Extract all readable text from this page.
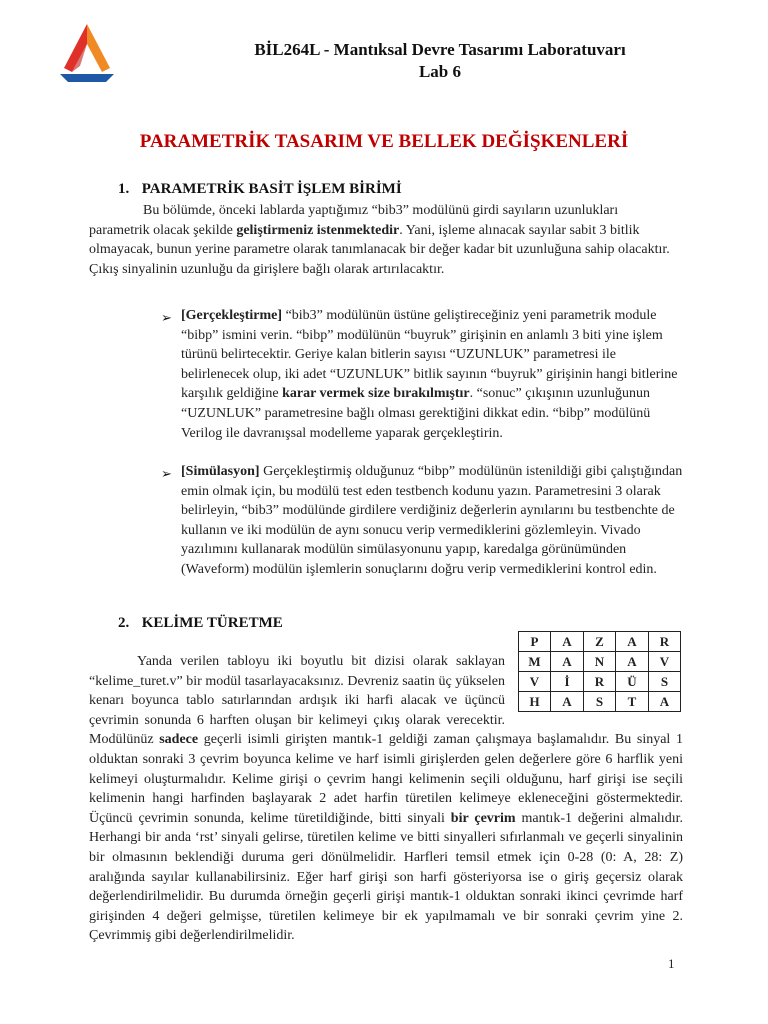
BİL264L - Mantıksal Devre Tasarımı Laboratuvarı
Lab 6
PARAMETRİK TASARIM VE BELLEK DEĞİŞKENLERİ
1. PARAMETRİK BASİT İŞLEM BİRİMİ

Bu bölümde, önceki lablarda yaptığımız “bib3” modülünü girdi sayıların uzunlukları parametrik olacak şekilde geliştirmeniz istenmektedir. Yani, işleme alınacak sayılar sabit 3 bitlik olmayacak, bunun yerine parametre olarak tanımlanacak bir değer kadar bit uzunluğuna sahip olacaktır. Çıkış sinyalinin uzunluğu da girişlere bağlı olarak artırılacaktır.

➢ [Gerçekleştirme] “bib3” modülünün üstüne geliştireceğiniz yeni parametrik module “bibp” ismini verin. “bibp” modülünün “buyruk” girişinin en anlamlı 3 biti yine işlem türünü belirtecektir. Geriye kalan bitlerin sayısı “UZUNLUK” parametresi ile belirlenecek olup, iki adet “UZUNLUK” bitlik sayının “buyruk” girişinin hangi bitlerine karşılık geldiğine karar vermek size bırakılmıştır. “sonuc” çıkışının uzunluğunun “UZUNLUK” parametresine bağlı olması gerektiğini dikkat edin. “bibp” modülünü Verilog ile davranışsal modelleme yaparak gerçekleştirin.

➢ [Simülasyon] Gerçekleştirmiş olduğunuz “bibp” modülünün istenildiği gibi çalıştığından emin olmak için, bu modülü test eden testbench kodunu yazın. Parametresini 3 olarak belirleyin, “bib3” modülünde girdilere verdiğiniz değerlerin aynılarını bu testbenchte de kullanın ve iki modülün de aynı sonucu verip vermediklerini gözlemleyin. Vivado yazılımını kullanarak modülün simülasyonunu yapıp, karedalga görünümünden (Waveform) modülün işlemlerin sonuçlarını doğru verip vermediklerini kontrol edin.

2. KELİME TÜRETME
P	A	Z	A	R
M	A	N	A	V
V	İ	R	Ü	S
H	A	S	T	A

Yanda verilen tabloyu iki boyutlu bit dizisi olarak saklayan “kelime_turet.v” bir modül tasarlayacaksınız. Devreniz saatin üç yükselen kenarı boyunca tablo satırlarından ardışık iki harfi alacak ve üçüncü çevrimin sonunda 6 harften oluşan bir kelimeyi çıkış olarak verecektir. Modülünüz sadece geçerli isimli girişten mantık-1 geldiği zaman çalışmaya başlamalıdır. Bu sinyal 1 olduktan sonraki 3 çevrim boyunca kelime ve harf isimli girişlerden gelen değerlere göre 6 harflik yeni kelimeyi oluşturmalıdır. Kelime girişi o çevrim hangi kelimenin seçili olduğunu, harf girişi ise seçili kelimenin hangi harfinden başlayarak 2 adet harfin türetilen kelimeye ekleneceğini göstermektedir. Üçüncü çevrimin sonunda, kelime türetildiğinde, bitti sinyali bir çevrim mantık-1 değerini almalıdır. Herhangi bir anda ‘rst’ sinyali gelirse, türetilen kelime ve bitti sinyalleri sıfırlanmalı ve geçerli sinyalinin bir olmasının beklendiği duruma geri dönülmelidir. Harfleri temsil etmek için 0-28 (0: A, 28: Z) aralığında sayılar kullanabilirsiniz. Eğer harf girişi son harfi gösteriyorsa ise o giriş geçersiz olarak değerlendirilmelidir. Bu durumda örneğin geçerli girişi mantık-1 olduktan sonraki ikinci çevrimde harf girişinden 4 değeri gelmişse, türetilen kelimeye bir ek yapılmamalı ve bir sonraki çevrim yine 2. Çevrimmiş gibi değerlendirilmelidir.

1
